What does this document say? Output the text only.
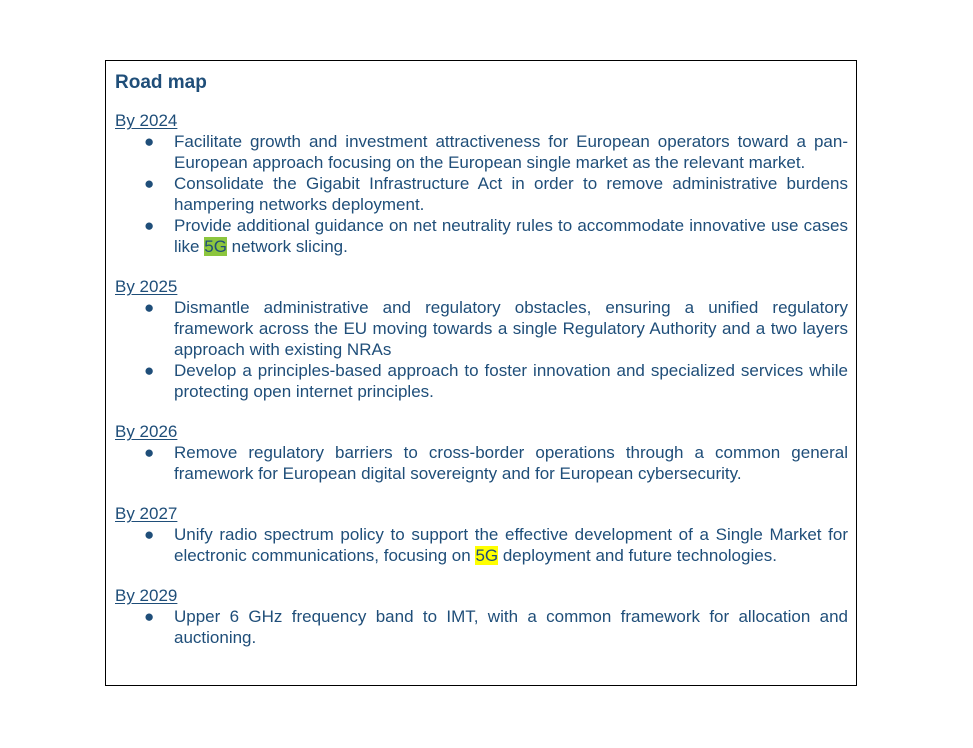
Road map
By 2024
● Facilitate growth and investment attractiveness for European operators toward a pan-European approach focusing on the European single market as the relevant market.
● Consolidate the Gigabit Infrastructure Act in order to remove administrative burdens hampering networks deployment.
● Provide additional guidance on net neutrality rules to accommodate innovative use cases like 5G network slicing.
By 2025
● Dismantle administrative and regulatory obstacles, ensuring a unified regulatory framework across the EU moving towards a single Regulatory Authority and a two layers approach with existing NRAs
● Develop a principles-based approach to foster innovation and specialized services while protecting open internet principles.
By 2026
● Remove regulatory barriers to cross-border operations through a common general framework for European digital sovereignty and for European cybersecurity.
By 2027
● Unify radio spectrum policy to support the effective development of a Single Market for electronic communications, focusing on 5G deployment and future technologies.
By 2029
● Upper 6 GHz frequency band to IMT, with a common framework for allocation and auctioning.
